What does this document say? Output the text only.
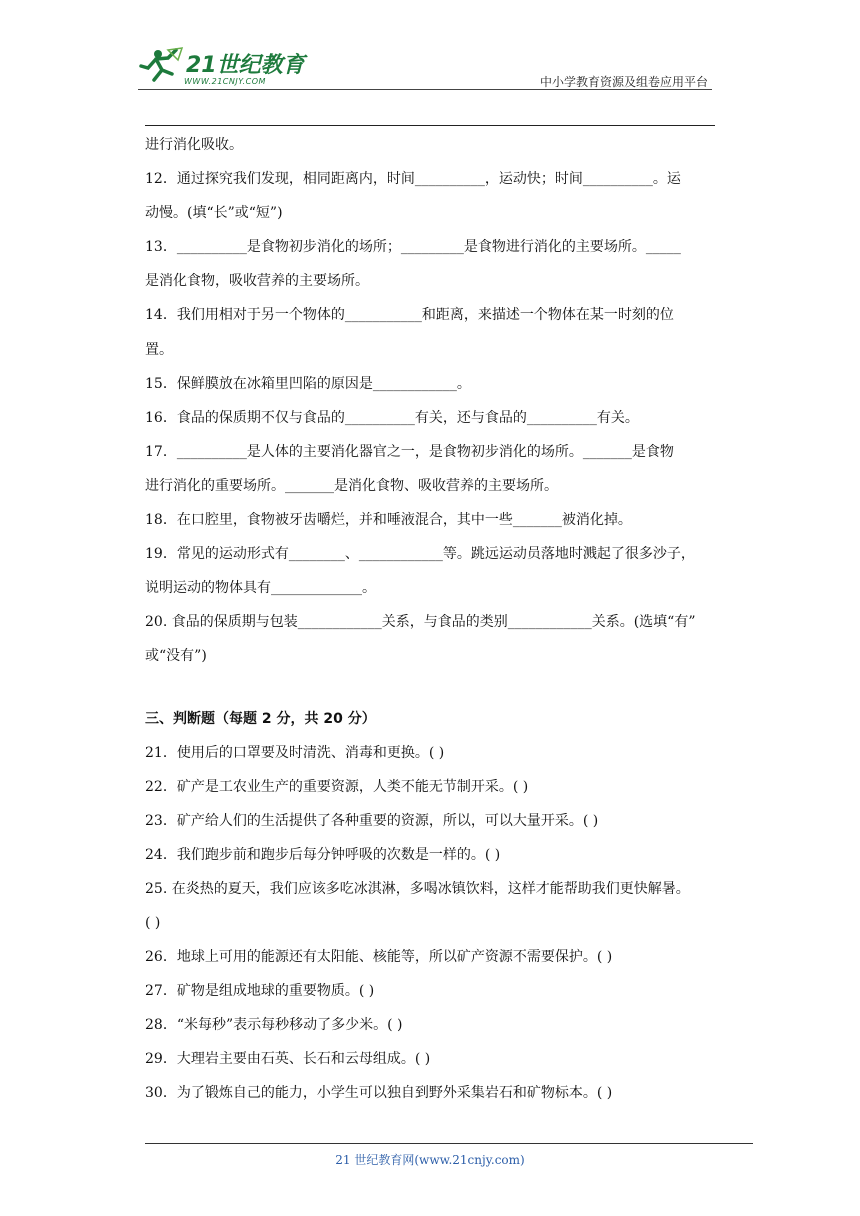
21世纪教育
WWW.21CNJY.COM	中小学教育资源及组卷应用平台
进行消化吸收。
12．通过探究我们发现，相同距离内，时间__________，运动快；时间__________。运
动慢。(填“长”或“短”)
13．__________是食物初步消化的场所；_________是食物进行消化的主要场所。_____
是消化食物，吸收营养的主要场所。
14．我们用相对于另一个物体的___________和距离，来描述一个物体在某一时刻的位
置。
15．保鲜膜放在冰箱里凹陷的原因是____________。
16．食品的保质期不仅与食品的__________有关，还与食品的__________有关。
17．__________是人体的主要消化器官之一，是食物初步消化的场所。_______是食物
进行消化的重要场所。_______是消化食物、吸收营养的主要场所。
18．在口腔里，食物被牙齿嚼烂，并和唾液混合，其中一些_______被消化掉。
19．常见的运动形式有________、____________等。跳远运动员落地时溅起了很多沙子，
说明运动的物体具有_____________。
20. 食品的保质期与包装____________关系，与食品的类别____________关系。(选填“有”
或“没有”)
三、判断题（每题 2 分，共 20 分）
21．使用后的口罩要及时清洗、消毒和更换。( )
22．矿产是工农业生产的重要资源，人类不能无节制开采。( )
23．矿产给人们的生活提供了各种重要的资源，所以，可以大量开采。( )
24．我们跑步前和跑步后每分钟呼吸的次数是一样的。( )
25. 在炎热的夏天，我们应该多吃冰淇淋，多喝冰镇饮料，这样才能帮助我们更快解暑。
( )
26．地球上可用的能源还有太阳能、核能等，所以矿产资源不需要保护。( )
27．矿物是组成地球的重要物质。( )
28．“米每秒”表示每秒移动了多少米。( )
29．大理岩主要由石英、长石和云母组成。( )
30．为了锻炼自己的能力，小学生可以独自到野外采集岩石和矿物标本。( )
21 世纪教育网(www.21cnjy.com)
